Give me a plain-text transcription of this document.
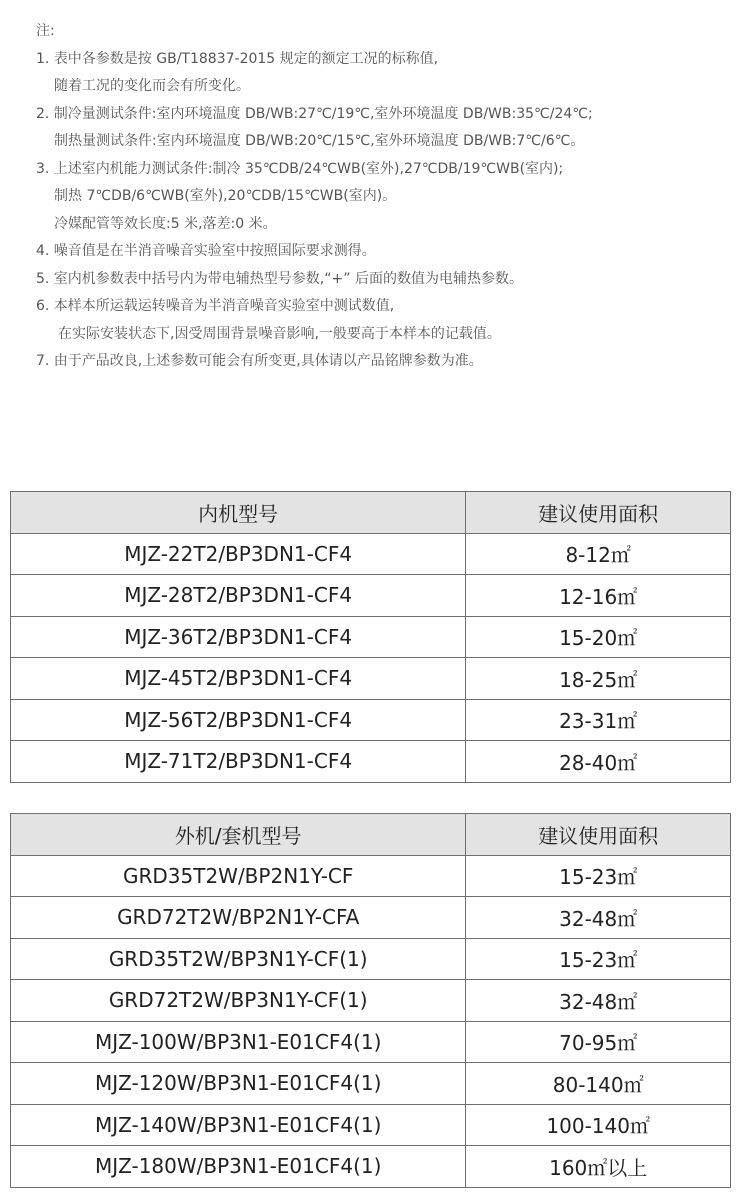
注:
1. 表中各参数是按 GB/T18837-2015 规定的额定工况的标称值,
随着工况的变化而会有所变化。
2. 制冷量测试条件:室内环境温度 DB/WB:27℃/19℃,室外环境温度 DB/WB:35℃/24℃;
制热量测试条件:室内环境温度 DB/WB:20℃/15℃,室外环境温度 DB/WB:7℃/6℃。
3. 上述室内机能力测试条件:制冷 35℃DB/24℃WB(室外),27℃DB/19℃WB(室内);
制热 7℃DB/6℃WB(室外),20℃DB/15℃WB(室内)。
冷媒配管等效长度:5 米,落差:0 米。
4. 噪音值是在半消音噪音实验室中按照国际要求测得。
5. 室内机参数表中括号内为带电辅热型号参数,“+” 后面的数值为电辅热参数。
6. 本样本所运载运转噪音为半消音噪音实验室中测试数值,
在实际安装状态下,因受周围背景噪音影响,一般要高于本样本的记载值。
7. 由于产品改良,上述参数可能会有所变更,具体请以产品铭牌参数为准。
内机型号	建议使用面积
MJZ-22T2/BP3DN1-CF4	8-12㎡
MJZ-28T2/BP3DN1-CF4	12-16㎡
MJZ-36T2/BP3DN1-CF4	15-20㎡
MJZ-45T2/BP3DN1-CF4	18-25㎡
MJZ-56T2/BP3DN1-CF4	23-31㎡
MJZ-71T2/BP3DN1-CF4	28-40㎡
外机/套机型号	建议使用面积
GRD35T2W/BP2N1Y-CF	15-23㎡
GRD72T2W/BP2N1Y-CFA	32-48㎡
GRD35T2W/BP3N1Y-CF(1)	15-23㎡
GRD72T2W/BP3N1Y-CF(1)	32-48㎡
MJZ-100W/BP3N1-E01CF4(1)	70-95㎡
MJZ-120W/BP3N1-E01CF4(1)	80-140㎡
MJZ-140W/BP3N1-E01CF4(1)	100-140㎡
MJZ-180W/BP3N1-E01CF4(1)	160㎡以上
